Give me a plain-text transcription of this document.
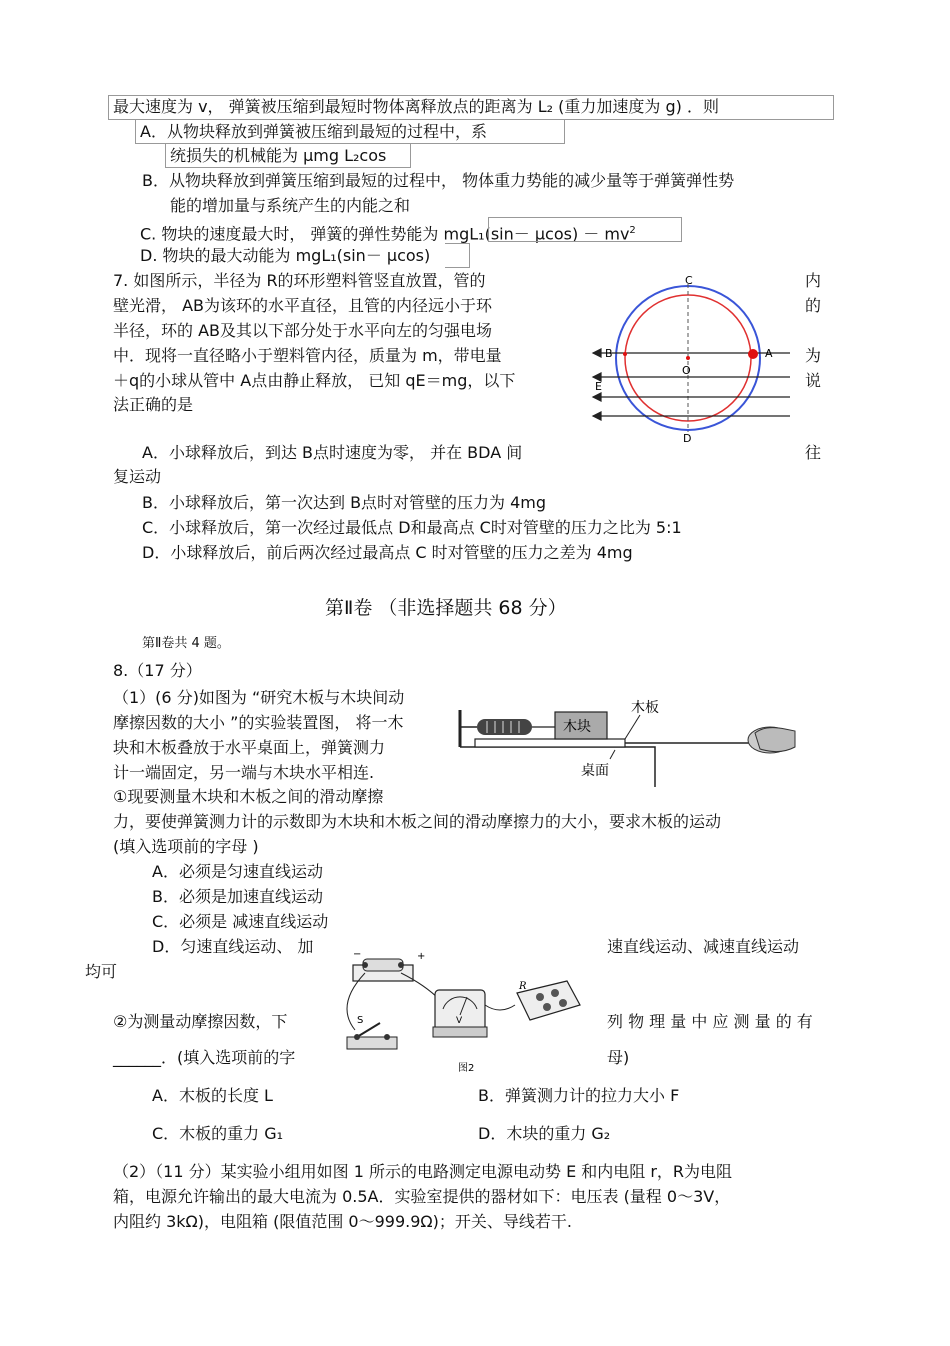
最大速度为 v， 弹簧被压缩到最短时物体离释放点的距离为 L₂ (重力加速度为 g) ．则
A．从物块释放到弹簧被压缩到最短的过程中，系
统损失的机械能为 μmg L₂cos
B．从物块释放到弹簧压缩到最短的过程中， 物体重力势能的减少量等于弹簧弹性势
能的增加量与系统产生的内能之和
C. 物块的速度最大时， 弹簧的弹性势能为 $mgL_1(\sin- \mu\cos) - mv^2$
D. 物块的最大动能为 mgL₁(sin－ μcos)
7. 如图所示，半径为 R的环形塑料管竖直放置，管的	内
壁光滑， AB为该环的水平直径，且管的内径远小于环	的
半径，环的 AB及其以下部分处于水平向左的匀强电场
中．现将一直径略小于塑料管内径，质量为 m，带电量	为
＋q的小球从管中 A点由静止释放， 已知 qE＝mg，以下	说
法正确的是
C
A
B
O
E
D
A．小球释放后，到达 B点时速度为零， 并在 BDA 间	往
复运动
B．小球释放后，第一次达到 B点时对管壁的压力为 4mg
C．小球释放后，第一次经过最低点 D和最高点 C时对管壁的压力之比为 5:1
D．小球释放后，前后两次经过最高点 C 时对管壁的压力之差为 4mg
第Ⅱ卷 （非选择题共 68 分）
第Ⅱ卷共 4 题。
8.（17 分）
（1）(6 分)如图为 “研究木板与木块间动
摩擦因数的大小 ”的实验装置图， 将一木
块和木板叠放于水平桌面上，弹簧测力
计一端固定，另一端与木块水平相连.
①现要测量木块和木板之间的滑动摩擦
力，要使弹簧测力计的示数即为木块和木板之间的滑动摩擦力的大小，要求木板的运动
(填入选项前的字母 )
木块
木板
桌面
A．必须是匀速直线运动
B．必须是加速直线运动
C．必须是 减速直线运动
D．匀速直线运动、 加	速直线运动、减速直线运动
均可
−	+
S	V
R
图2
②为测量动摩擦因数，下	列 物 理 量 中 应 测 量 的 有
______．(填入选项前的字	母)
A．木板的长度 L	B．弹簧测力计的拉力大小 F
C．木板的重力 G₁	D．木块的重力 G₂
（2）（11 分）某实验小组用如图 1 所示的电路测定电源电动势 E 和内电阻 r，R为电阻
箱，电源允许输出的最大电流为 0.5A．实验室提供的器材如下：电压表 (量程 0～3V，
内阻约 3kΩ)，电阻箱 (限值范围 0～999.9Ω)；开关、导线若干.
